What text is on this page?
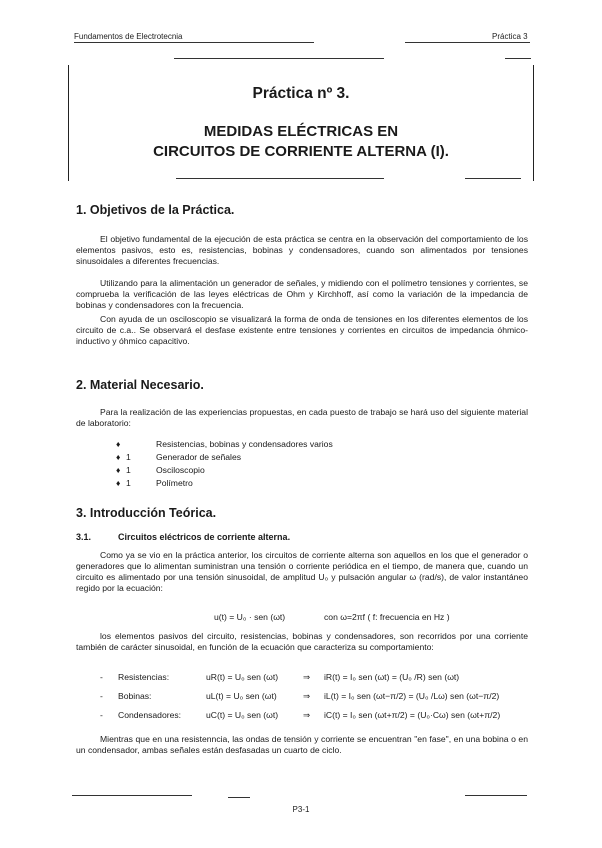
Fundamentos de Electrotecnia	Práctica 3
Práctica nº 3.
MEDIDAS ELÉCTRICAS EN
CIRCUITOS DE CORRIENTE ALTERNA (I).
1. Objetivos de la Práctica.
El objetivo fundamental de la ejecución de esta práctica se centra en la observación del comportamiento de los elementos pasivos, esto es, resistencias, bobinas y condensadores, cuando son alimentados por tensiones sinusoidales a diferentes frecuencias.
Utilizando para la alimentación un generador de señales, y midiendo con el polímetro tensiones y corrientes, se comprueba la verificación de las leyes eléctricas de Ohm y Kirchhoff, así como la variación de la impedancia de bobinas y condensadores con la frecuencia.
Con ayuda de un osciloscopio se visualizará la forma de onda de tensiones en los diferentes elementos de los circuito de c.a.. Se observará el desfase existente entre tensiones y corrientes en circuitos de impedancia óhmico-inductivo y óhmico capacitivo.
2. Material Necesario.
Para la realización de las experiencias propuestas, en cada puesto de trabajo se hará uso del siguiente material de laboratorio:
♦	Resistencias, bobinas y condensadores varios
♦ 1	Generador de señales
♦ 1	Osciloscopio
♦ 1	Polímetro
3. Introducción Teórica.
3.1.	Circuitos eléctricos de corriente alterna.
Como ya se vio en la práctica anterior, los circuitos de corriente alterna son aquellos en los que el generador o generadores que lo alimentan suministran una tensión o corriente periódica en el tiempo, de manera que, cuando un circuito es alimentado por una tensión sinusoidal, de amplitud U₀ y pulsación angular ω (rad/s), de valor instantáneo regido por la ecuación:
u(t) = U₀ · sen (ωt)	con ω=2πf ( f: frecuencia en Hz )
los elementos pasivos del circuito, resistencias, bobinas y condensadores, son recorridos por una corriente también de carácter sinusoidal, en función de la ecuación que caracteriza su comportamiento:
- Resistencias:	uR(t) = U₀ sen (ωt)	⇒ iR(t) = I₀ sen (ωt) = (U₀ /R) sen (ωt)
- Bobinas:	uL(t) = U₀ sen (ωt)	⇒ iL(t) = I₀ sen (ωt−π/2) = (U₀ /Lω) sen (ωt−π/2)
- Condensadores:	uC(t) = U₀ sen (ωt)	⇒ iC(t) = I₀ sen (ωt+π/2) = (U₀·Cω) sen (ωt+π/2)
Mientras que en una resistenncia, las ondas de tensión y corriente se encuentran "en fase", en una bobina o en un condensador, ambas señales están desfasadas un cuarto de ciclo.
P3-1
